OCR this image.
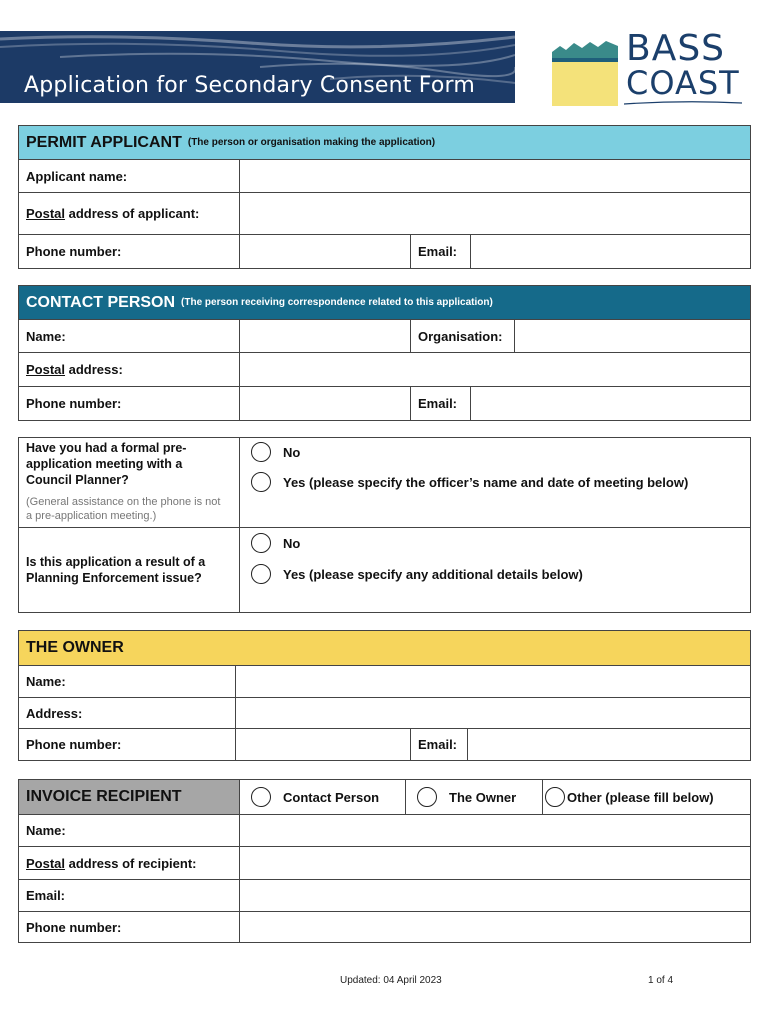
Application for Secondary Consent Form
BASS
COAST
PERMIT APPLICANT (The person or organisation making the application)
Applicant name:
Postal address of applicant:
Phone number:	Email:
CONTACT PERSON (The person receiving correspondence related to this application)
Name:	Organisation:
Postal address:
Phone number:	Email:
Have you had a formal pre-application meeting with a Council Planner?
(General assistance on the phone is not a pre-application meeting.)
No
Yes (please specify the officer’s name and date of meeting below)
Is this application a result of a Planning Enforcement issue?
No
Yes (please specify any additional details below)
THE OWNER
Name:
Address:
Phone number:	Email:
INVOICE RECIPIENT	Contact Person	The Owner	Other (please fill below)
Name:
Postal address of recipient:
Email:
Phone number:
Updated: 04 April 2023	1 of 4
